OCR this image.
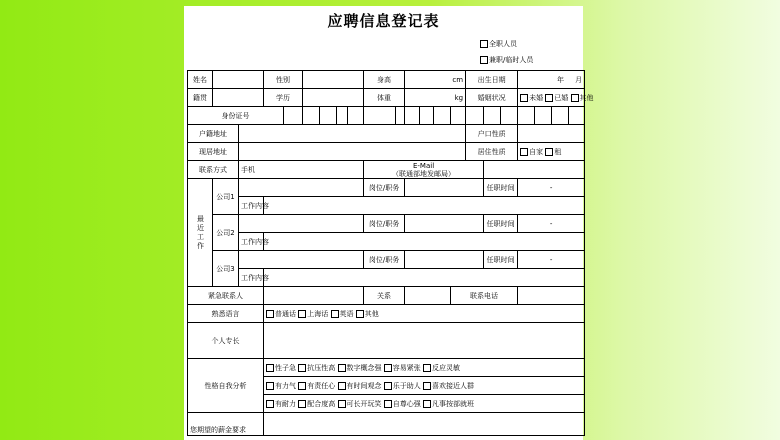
应聘信息登记表
全职人员
兼职/临时人员
姓名			性别						身高		cm				出生日期			年 月			
籍贯			学历						体重		kg				婚姻状况			未婚 已婚 其他			
身份证号																					
户籍地址															户口性质						
现居地址															居住性质			自家 租			
联系方式		手机							E-Mail
（联通部地发邮局）												

最近工作	公司1								岗位/职务							任职时间		-			
		工作内容																			
	公司2								岗位/职务							任职时间		-			
		工作内容																			
	公司3								岗位/职务							任职时间		-			
		工作内容																			
紧急联系人									关系					联系电话							
熟悉语言			普通话 上海话 英语 其他																		
个人专长																					
性格自我分析			性子急 抗压性高 数字概念强 容易紧张 反应灵敏																		
			有力气 有责任心 有时间观念 乐于助人 喜欢接近人群																		
			有耐力 配合度高 可长开玩笑 自尊心强 凡事按部就班																		
您期望的薪金要求																					
